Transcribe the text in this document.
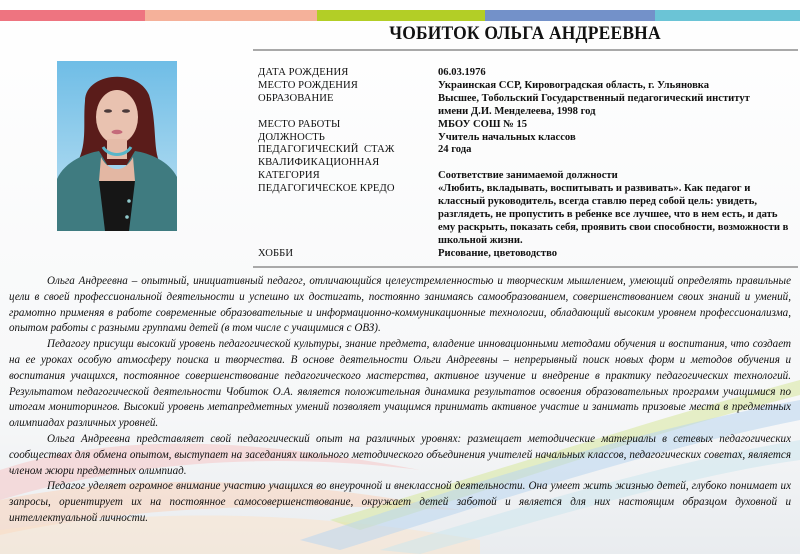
ЧОБИТОК ОЛЬГА АНДРЕЕВНА
ДАТА РОЖДЕНИЯ	06.03.1976
МЕСТО РОЖДЕНИЯ	Украинская ССР, Кировоградская область, г. Ульяновка
ОБРАЗОВАНИЕ	Высшее, Тобольский Государственный педагогический институт имени Д.И. Менделеева, 1998 год
МЕСТО РАБОТЫ	МБОУ СОШ № 15
ДОЛЖНОСТЬ	Учитель начальных классов
ПЕДАГОГИЧЕСКИЙ  СТАЖ	24 года
КВАЛИФИКАЦИОННАЯ КАТЕГОРИЯ	Соответствие занимаемой должности
ПЕДАГОГИЧЕСКОЕ КРЕДО	«Любить, вкладывать, воспитывать и развивать». Как педагог и классный руководитель, всегда ставлю перед собой цель: увидеть, разглядеть, не пропустить в ребенке все лучшее, что в нем есть, и дать ему раскрыть, показать себя, проявить свои способности, возможности в школьной жизни.
ХОББИ	Рисование, цветоводство

Ольга Андреевна – опытный, инициативный педагог, отличающийся целеустремленностью и творческим мышлением, умеющий определять правильные цели в своей профессиональной деятельности и успешно их достигать, постоянно занимаясь самообразованием, совершенствованием своих знаний и умений, грамотно применяя в работе современные образовательные и информационно-коммуникационные технологии, обладающий высоким уровнем профессионализма, опытом работы с разными группами детей (в том числе с учащимися с ОВЗ).

Педагогу присущи высокий уровень педагогической культуры, знание предмета, владение инновационными методами обучения и воспитания, что создает на ее уроках особую атмосферу поиска и творчества. В основе деятельности Ольги Андреевны – непрерывный поиск новых форм и методов обучения и воспитания учащихся, постоянное совершенствование педагогического мастерства, активное изучение и внедрение в практику педагогических технологий. Результатом педагогической деятельности Чобиток О.А. является положительная динамика результатов освоения образовательных программ учащимися по итогам мониторингов. Высокий уровень метапредметных умений позволяет учащимся принимать активное участие и занимать призовые места в предметных олимпиадах различных уровней.

Ольга Андреевна представляет свой педагогический опыт на различных уровнях: размещает методические материалы в сетевых педагогических сообществах для обмена опытом, выступает на заседаниях школьного методического объединения учителей начальных классов, педагогических советах, является членом жюри предметных олимпиад.

Педагог уделяет огромное внимание участию учащихся во внеурочной и внеклассной деятельности. Она умеет жить жизнью детей, глубоко понимает их запросы, ориентирует их на постоянное самосовершенствование, окружает детей заботой и является для них настоящим образцом духовной и интеллектуальной личности.
